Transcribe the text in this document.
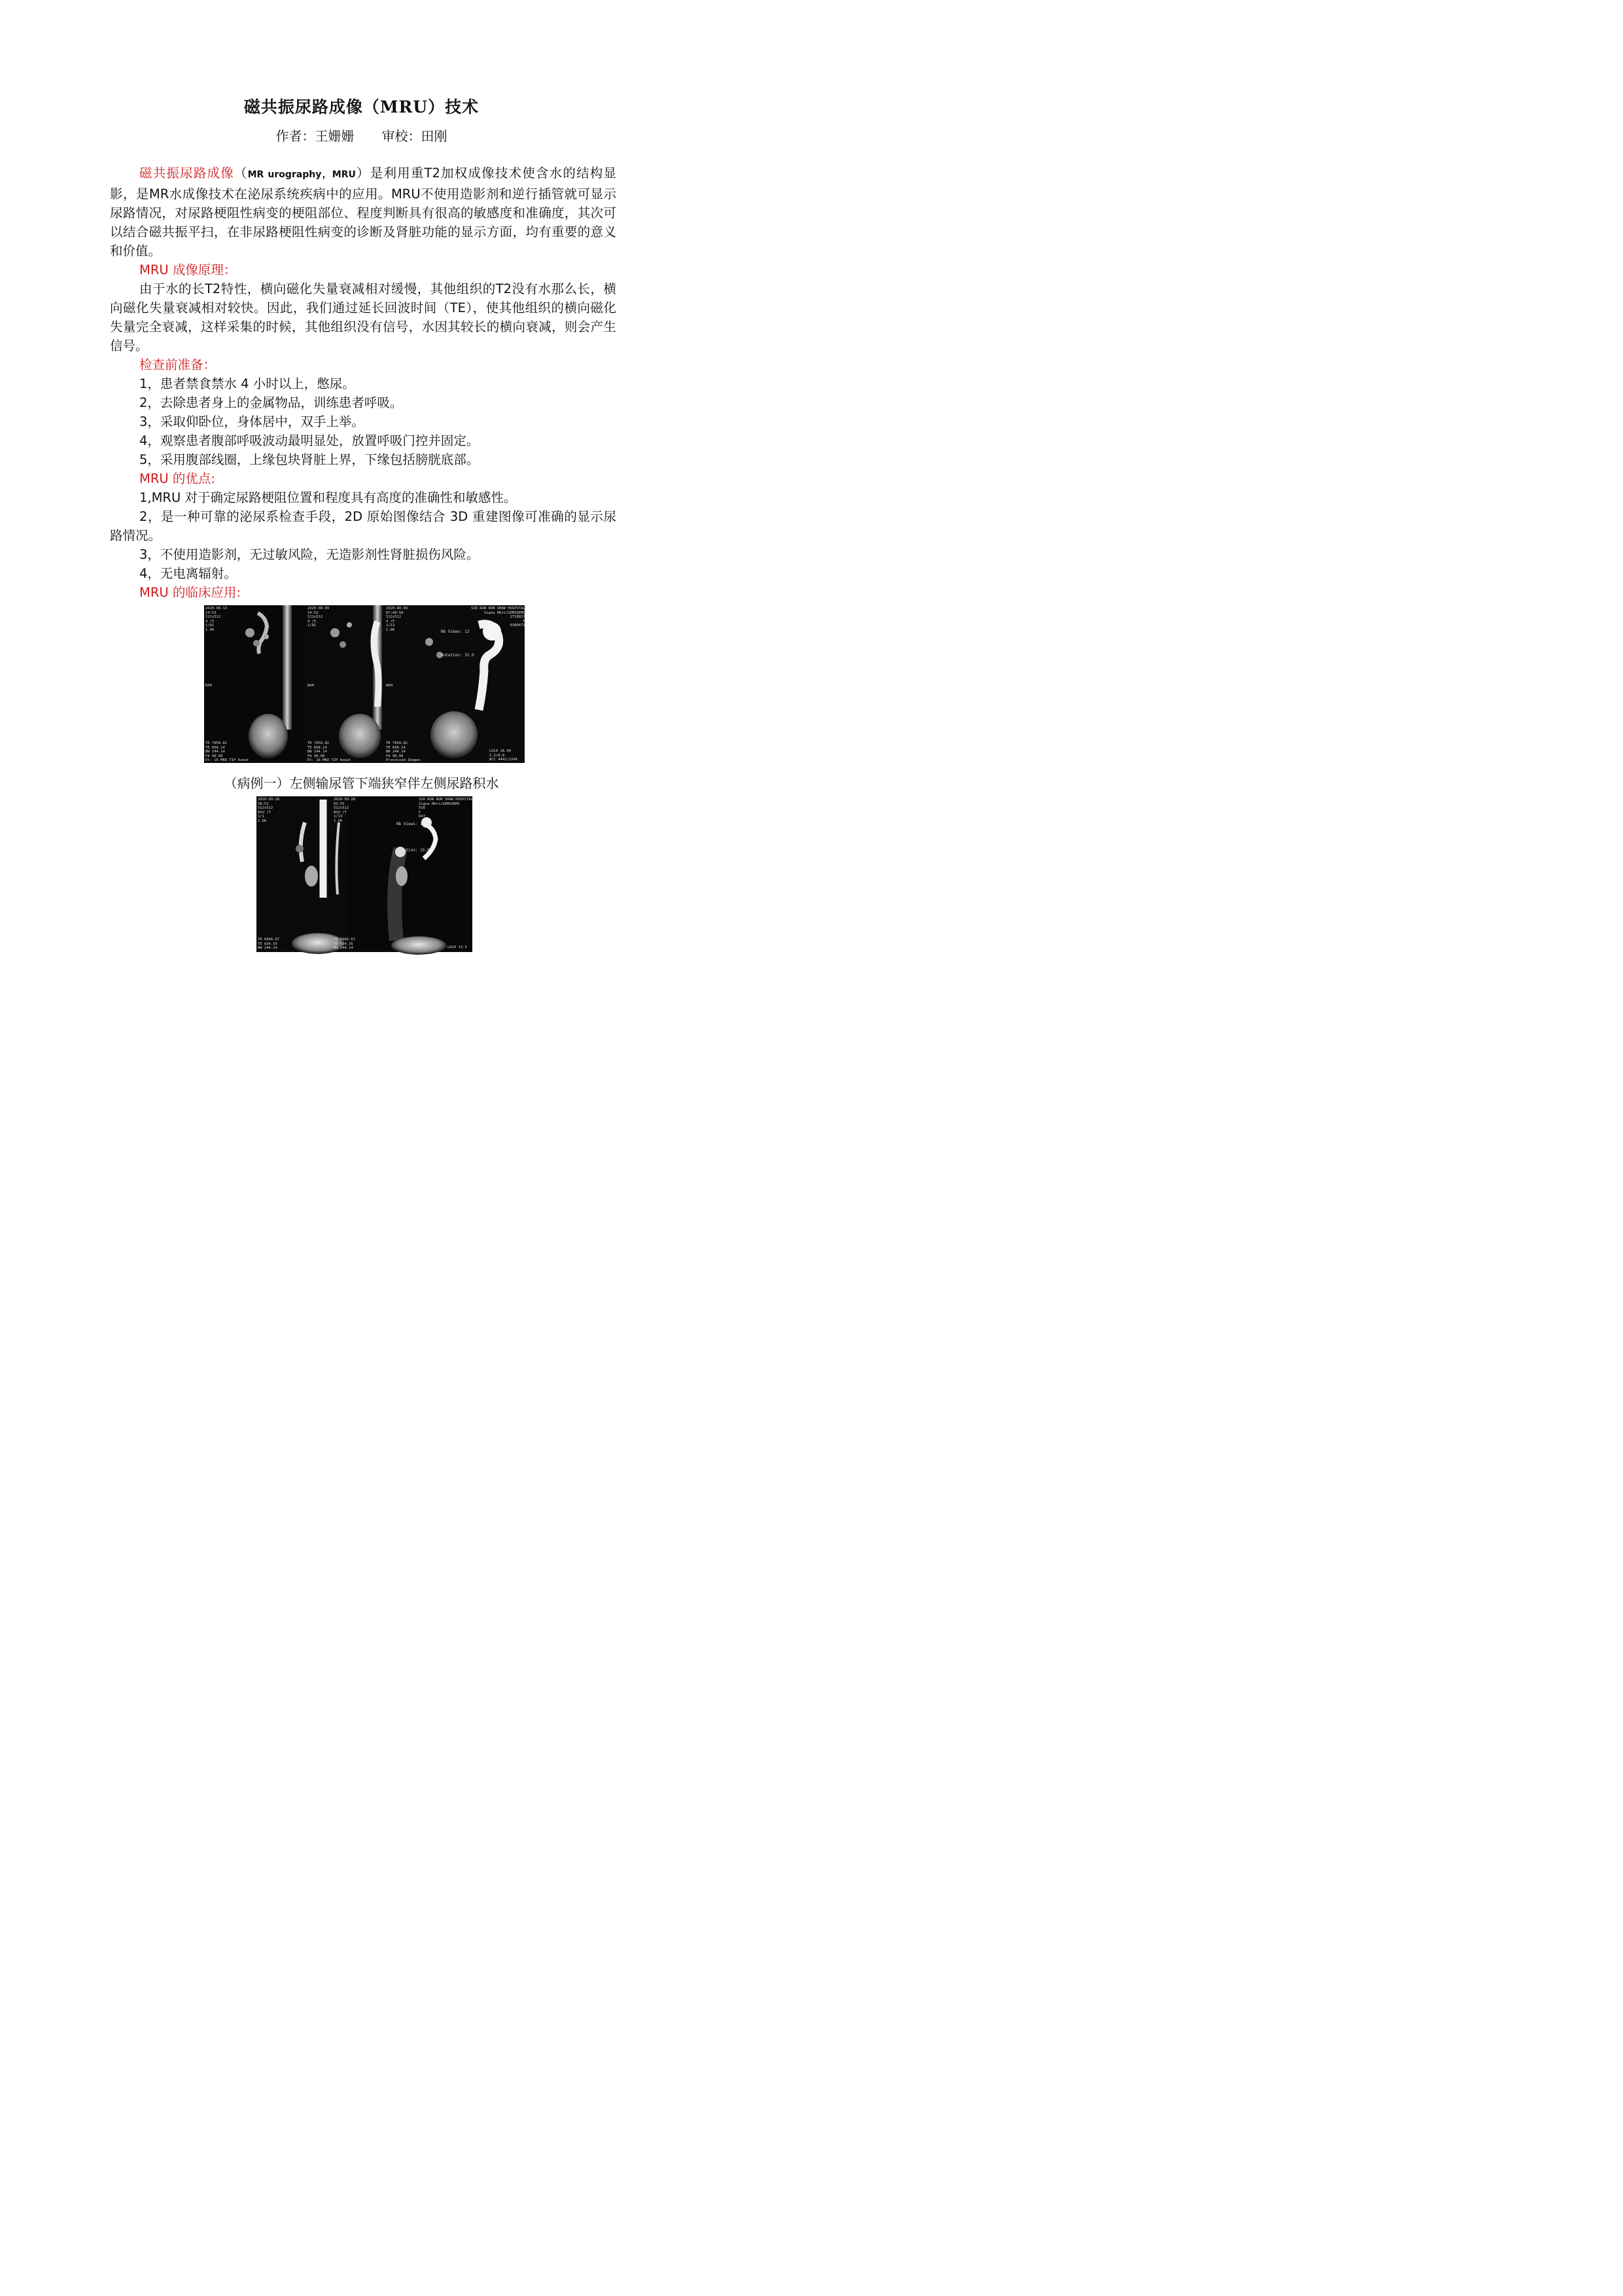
磁共振尿路成像（MRU）技术
作者：王姗姗 审校：田刚

磁共振尿路成像（MR urography，MRU）是利用重T2加权成像技术使含水的结构显影，是MR水成像技术在泌尿系统疾病中的应用。MRU不使用造影剂和逆行插管就可显示尿路情况，对尿路梗阻性病变的梗阻部位、程度判断具有很高的敏感度和准确度，其次可以结合磁共振平扫，在非尿路梗阻性病变的诊断及肾脏功能的显示方面，均有重要的意义和价值。

MRU 成像原理：

由于水的长T2特性，横向磁化失量衰减相对缓慢，其他组织的T2没有水那么长，横向磁化失量衰减相对较快。因此，我们通过延长回波时间（TE），使其他组织的横向磁化失量完全衰减，这样采集的时候，其他组织没有信号，水因其较长的横向衰减，则会产生信号。

检查前准备：

1，患者禁食禁水 4 小时以上，憋尿。

2，去除患者身上的金属物品，训练患者呼吸。

3，采取仰卧位，身体居中，双手上举。

4，观察患者腹部呼吸波动最明显处，放置呼吸门控并固定。

5，采用腹部线圈，上缘包块肾脏上界，下缘包括膀胱底部。

MRU 的优点:

1,MRU 对于确定尿路梗阻位置和程度具有高度的准确性和敏感性。

2，是一种可靠的泌尿系检查手段，2D 原始图像结合 3D 重建图像可准确的显示尿路情况。

3，不使用造影剂，无过敏风险，无造影剂性肾脏损伤风险。

4，无电离辐射。

MRU 的临床应用:

2020-08-13
14:53
512x512
4 /5
1/81
1.00
RAH
TR 7058.82
TE 668.14
BW 244.14
FA 90.00
Et: 16 MRU TIP Axeat
2020-08-09
14:53
512x512
4 /5
1/81
RAH
TR 7058.82
TE 668.14
BW 244.14
FA 90.00
Et: 16 MRU TIP Axeat
2020-08-09
07:40:58
512x512
4 /5
1/13
1.00	Nb Views: 12
Rotation: 15.0
RAH
TR 7058.82
TE 668.14
BW 244.14
FA 90.00
Processed Images
SIR RUN RUN SHAW HOSPITAL
Signa HDxt/GEMSOEMC
2718817
F
6300679
LUCA 16.04
2.2/0.8
W/C 4442/2246
（病例一）左侧输尿管下端狭窄伴左侧尿路积水
2020-09-28
58:51
512x512
85U /T
1/1
1.00
TR 6666.67
TE 834.35
BW 244.14
2020-09-28
03:55
512x512
85U /T
1/13
1.00
Nb Views: 12
Rotation: 15.0
TR 6666.67
TE 834.35
BW 244.14
SIR RUN RUN SHAW HOSPITAL
Signa HDxt/GEMSOEMC
5S8
F
647
LUCA 13.5
